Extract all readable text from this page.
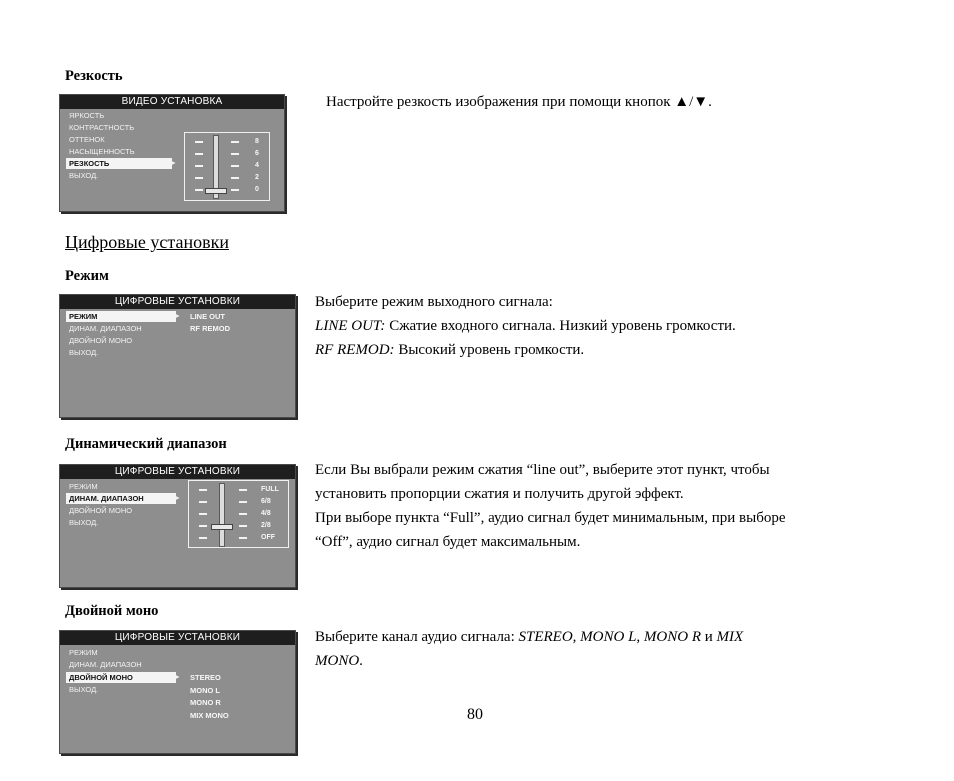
Резкость
ВИДЕО УСТАНОВКА
ЯРКОСТЬ
КОНТРАСТНОСТЬ
ОТТЕНОК
НАСЫЩЕННОСТЬ
РЕЗКОСТЬ	►
ВЫХОД.
8
6
4
2
0
Настройте резкость изображения при помощи кнопок ▲/▼.
Цифровые установки
Режим
ЦИФРОВЫЕ УСТАНОВКИ
РЕЖИМ	►
ДИНАМ. ДИАПАЗОН
ДВОЙНОЙ МОНО
ВЫХОД.
LINE OUT
RF REMOD
Выберите режим выходного сигнала:
LINE OUT: Сжатие входного сигнала. Низкий уровень громкости.
RF REMOD: Высокий уровень громкости.
Динамический диапазон
ЦИФРОВЫЕ УСТАНОВКИ
РЕЖИМ
ДИНАМ. ДИАПАЗОН	►
ДВОЙНОЙ МОНО
ВЫХОД.
FULL
6/8
4/8
2/8
OFF
Если Вы выбрали режим сжатия “line out”, выберите этот пункт, чтобы
установить пропорции сжатия и получить другой эффект.
При выборе пункта “Full”, аудио сигнал будет минимальным, при выборе
“Off”, аудио сигнал будет максимальным.
Двойной моно
ЦИФРОВЫЕ УСТАНОВКИ
РЕЖИМ
ДИНАМ. ДИАПАЗОН
ДВОЙНОЙ МОНО	►
ВЫХОД.
STEREO
MONO L
MONO R
MIX MONO
Выберите канал аудио сигнала: STEREO, MONO L, MONO R и MIX
MONO.
80
